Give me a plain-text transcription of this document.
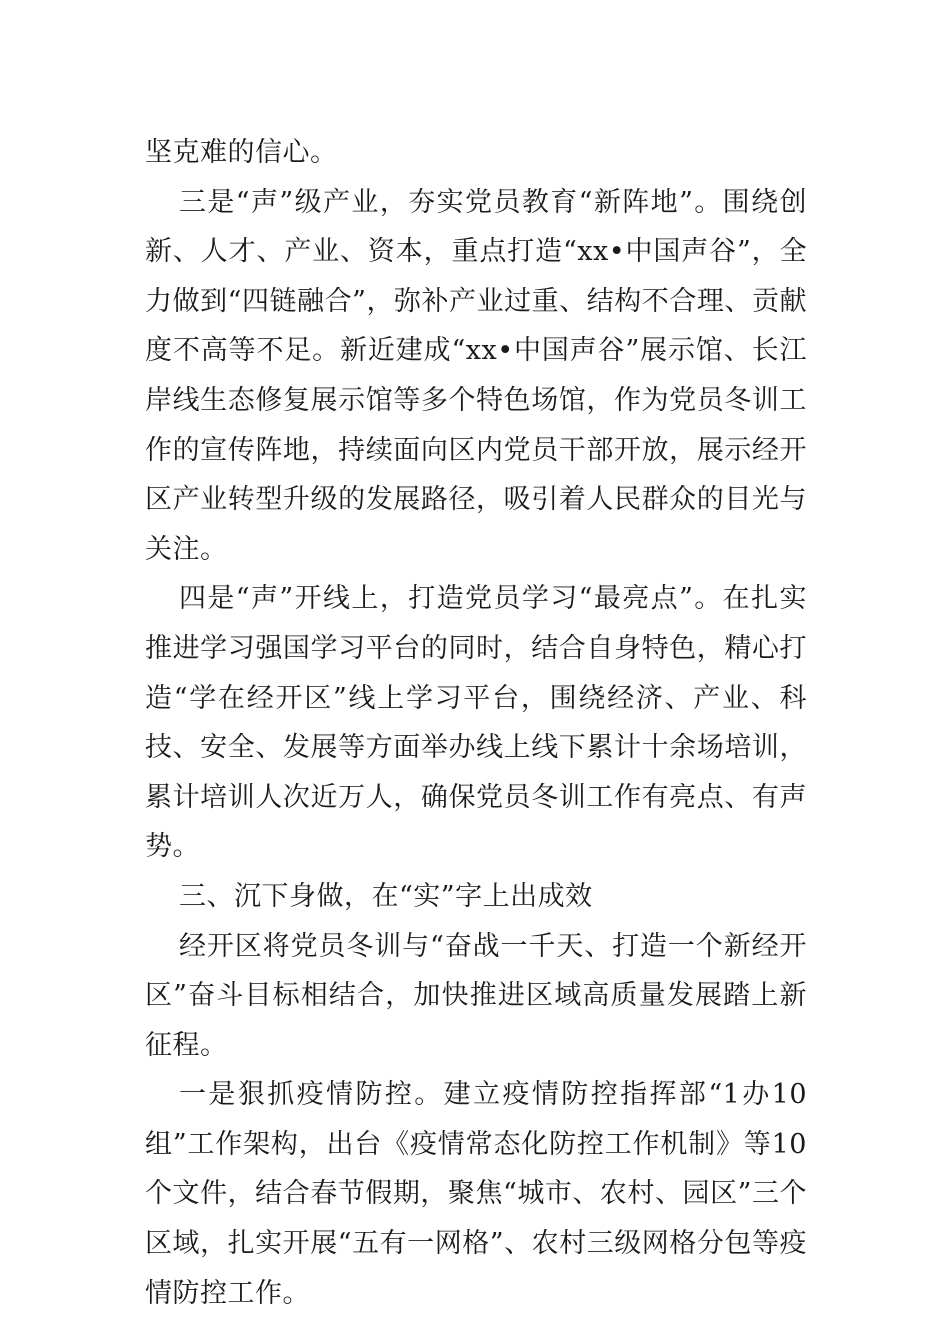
坚克难的信心。

三是“声”级产业，夯实党员教育“新阵地”。围绕创新、人才、产业、资本，重点打造“xx•中国声谷”，全力做到“四链融合”，弥补产业过重、结构不合理、贡献度不高等不足。新近建成“xx•中国声谷”展示馆、长江岸线生态修复展示馆等多个特色场馆，作为党员冬训工作的宣传阵地，持续面向区内党员干部开放，展示经开区产业转型升级的发展路径，吸引着人民群众的目光与关注。

四是“声”开线上，打造党员学习“最亮点”。在扎实推进学习强国学习平台的同时，结合自身特色，精心打造“学在经开区”线上学习平台，围绕经济、产业、科技、安全、发展等方面举办线上线下累计十余场培训，累计培训人次近万人，确保党员冬训工作有亮点、有声势。

三、沉下身做，在“实”字上出成效

经开区将党员冬训与“奋战一千天、打造一个新经开区”奋斗目标相结合，加快推进区域高质量发展踏上新征程。

一是狠抓疫情防控。建立疫情防控指挥部“1办10组”工作架构，出台《疫情常态化防控工作机制》等10个文件，结合春节假期，聚焦“城市、农村、园区”三个区域，扎实开展“五有一网格”、农村三级网格分包等疫情防控工作。
